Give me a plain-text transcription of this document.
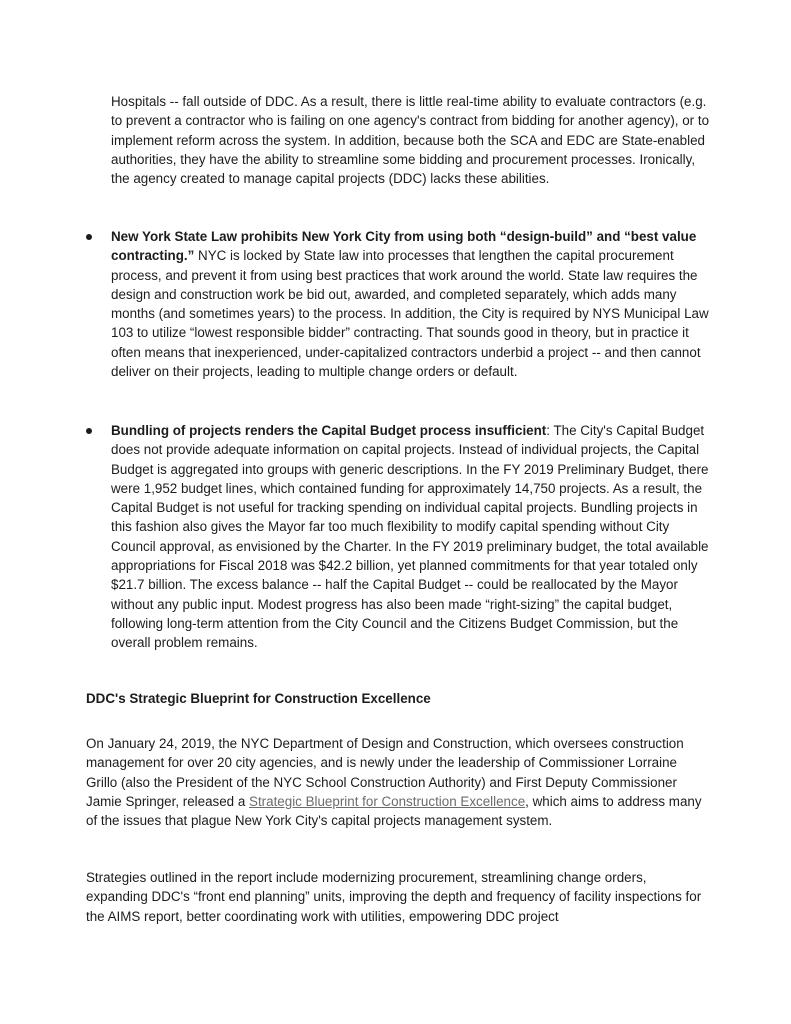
Hospitals -- fall outside of DDC. As a result, there is little real-time ability to evaluate contractors (e.g. to prevent a contractor who is failing on one agency's contract from bidding for another agency), or to implement reform across the system. In addition, because both the SCA and EDC are State-enabled authorities, they have the ability to streamline some bidding and procurement processes. Ironically, the agency created to manage capital projects (DDC) lacks these abilities.

New York State Law prohibits New York City from using both “design-build” and “best value contracting.” NYC is locked by State law into processes that lengthen the capital procurement process, and prevent it from using best practices that work around the world. State law requires the design and construction work be bid out, awarded, and completed separately, which adds many months (and sometimes years) to the process. In addition, the City is required by NYS Municipal Law 103 to utilize “lowest responsible bidder” contracting. That sounds good in theory, but in practice it often means that inexperienced, under-capitalized contractors underbid a project -- and then cannot deliver on their projects, leading to multiple change orders or default.

Bundling of projects renders the Capital Budget process insufficient: The City's Capital Budget does not provide adequate information on capital projects. Instead of individual projects, the Capital Budget is aggregated into groups with generic descriptions. In the FY 2019 Preliminary Budget, there were 1,952 budget lines, which contained funding for approximately 14,750 projects. As a result, the Capital Budget is not useful for tracking spending on individual capital projects. Bundling projects in this fashion also gives the Mayor far too much flexibility to modify capital spending without City Council approval, as envisioned by the Charter. In the FY 2019 preliminary budget, the total available appropriations for Fiscal 2018 was $42.2 billion, yet planned commitments for that year totaled only $21.7 billion. The excess balance -- half the Capital Budget -- could be reallocated by the Mayor without any public input. Modest progress has also been made “right-sizing” the capital budget, following long-term attention from the City Council and the Citizens Budget Commission, but the overall problem remains.

DDC's Strategic Blueprint for Construction Excellence

On January 24, 2019, the NYC Department of Design and Construction, which oversees construction management for over 20 city agencies, and is newly under the leadership of Commissioner Lorraine Grillo (also the President of the NYC School Construction Authority) and First Deputy Commissioner Jamie Springer, released a Strategic Blueprint for Construction Excellence, which aims to address many of the issues that plague New York City's capital projects management system.

Strategies outlined in the report include modernizing procurement, streamlining change orders, expanding DDC's “front end planning” units, improving the depth and frequency of facility inspections for the AIMS report, better coordinating work with utilities, empowering DDC project
